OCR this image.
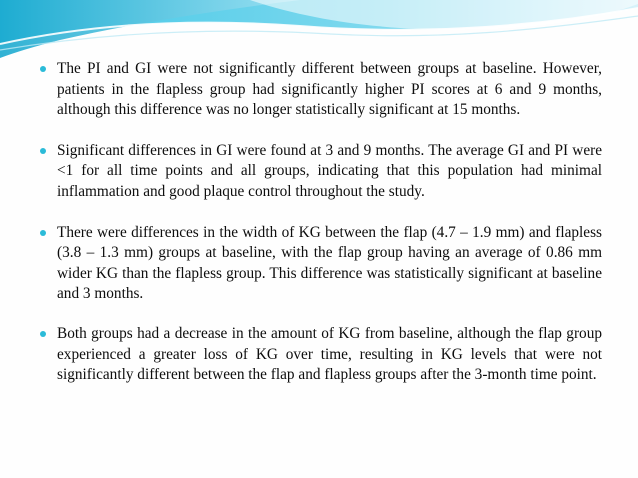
The PI and GI were not significantly different between groups at baseline. However, patients in the flapless group had significantly higher PI scores at 6 and 9 months, although this difference was no longer statistically significant at 15 months.
Significant differences in GI were found at 3 and 9 months. The average GI and PI were <1 for all time points and all groups, indicating that this population had minimal inflammation and good plaque control throughout the study.
There were differences in the width of KG between the flap (4.7 – 1.9 mm) and flapless (3.8 – 1.3 mm) groups at baseline, with the flap group having an average of 0.86 mm wider KG than the flapless group. This difference was statistically significant at baseline and 3 months.
Both groups had a decrease in the amount of KG from baseline, although the flap group experienced a greater loss of KG over time, resulting in KG levels that were not significantly different between the flap and flapless groups after the 3-month time point.
